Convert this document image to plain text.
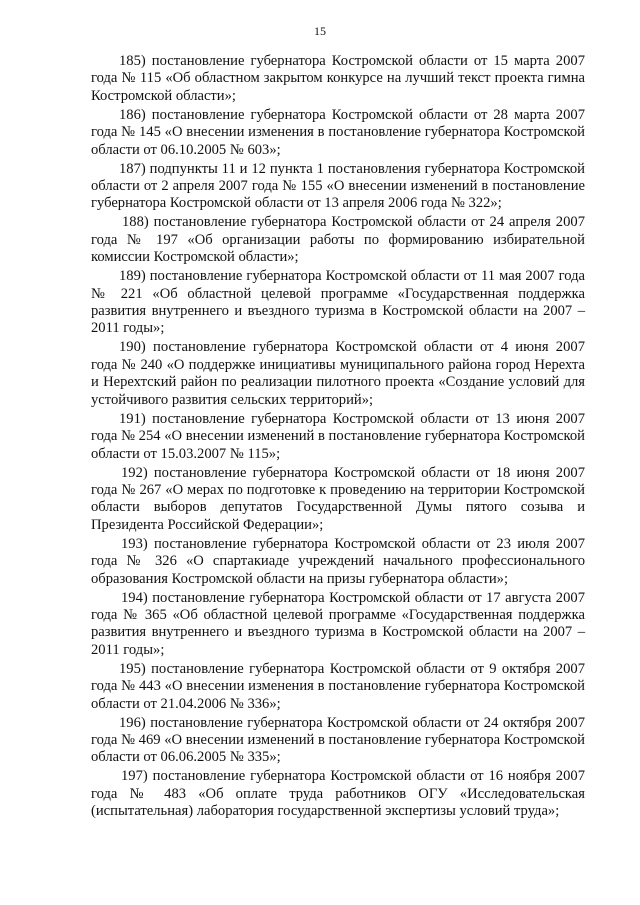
15

185) постановление губернатора Костромской области от 15 марта 2007 года № 115 «Об областном закрытом конкурсе на лучший текст проекта гимна Костромской области»;

186) постановление губернатора Костромской области от 28 марта 2007 года № 145 «О внесении изменения в постановление губернатора Костромской области от 06.10.2005 № 603»;

187) подпункты 11 и 12 пункта 1 постановления губернатора Костромской области от 2 апреля 2007 года № 155 «О внесении изменений в постановление губернатора Костромской области от 13 апреля 2006 года № 322»;

188) постановление губернатора Костромской области от 24 апреля 2007 года № 197 «Об организации работы по формированию избирательной комиссии Костромской области»;

189) постановление губернатора Костромской области от 11 мая 2007 года № 221 «Об областной целевой программе «Государственная поддержка развития внутреннего и въездного туризма в Костромской области на 2007 – 2011 годы»;

190) постановление губернатора Костромской области от 4 июня 2007 года № 240 «О поддержке инициативы муниципального района город Нерехта и Нерехтский район по реализации пилотного проекта «Создание условий для устойчивого развития сельских территорий»;

191) постановление губернатора Костромской области от 13 июня 2007 года № 254 «О внесении изменений в постановление губернатора Костромской области от 15.03.2007 № 115»;

192) постановление губернатора Костромской области от 18 июня 2007 года № 267 «О мерах по подготовке к проведению на территории Костромской области выборов депутатов Государственной Думы пятого созыва и Президента Российской Федерации»;

193) постановление губернатора Костромской области от 23 июля 2007 года № 326 «О спартакиаде учреждений начального профессионального образования Костромской области на призы губернатора области»;

194) постановление губернатора Костромской области от 17 августа 2007 года № 365 «Об областной целевой программе «Государственная поддержка развития внутреннего и въездного туризма в Костромской области на 2007 – 2011 годы»;

195) постановление губернатора Костромской области от 9 октября 2007 года № 443 «О внесении изменения в постановление губернатора Костромской области от 21.04.2006 № 336»;

196) постановление губернатора Костромской области от 24 октября 2007 года № 469 «О внесении изменений в постановление губернатора Костромской области от 06.06.2005 № 335»;

197) постановление губернатора Костромской области от 16 ноября 2007 года № 483 «Об оплате труда работников ОГУ «Исследовательская (испытательная) лаборатория государственной экспертизы условий труда»;
